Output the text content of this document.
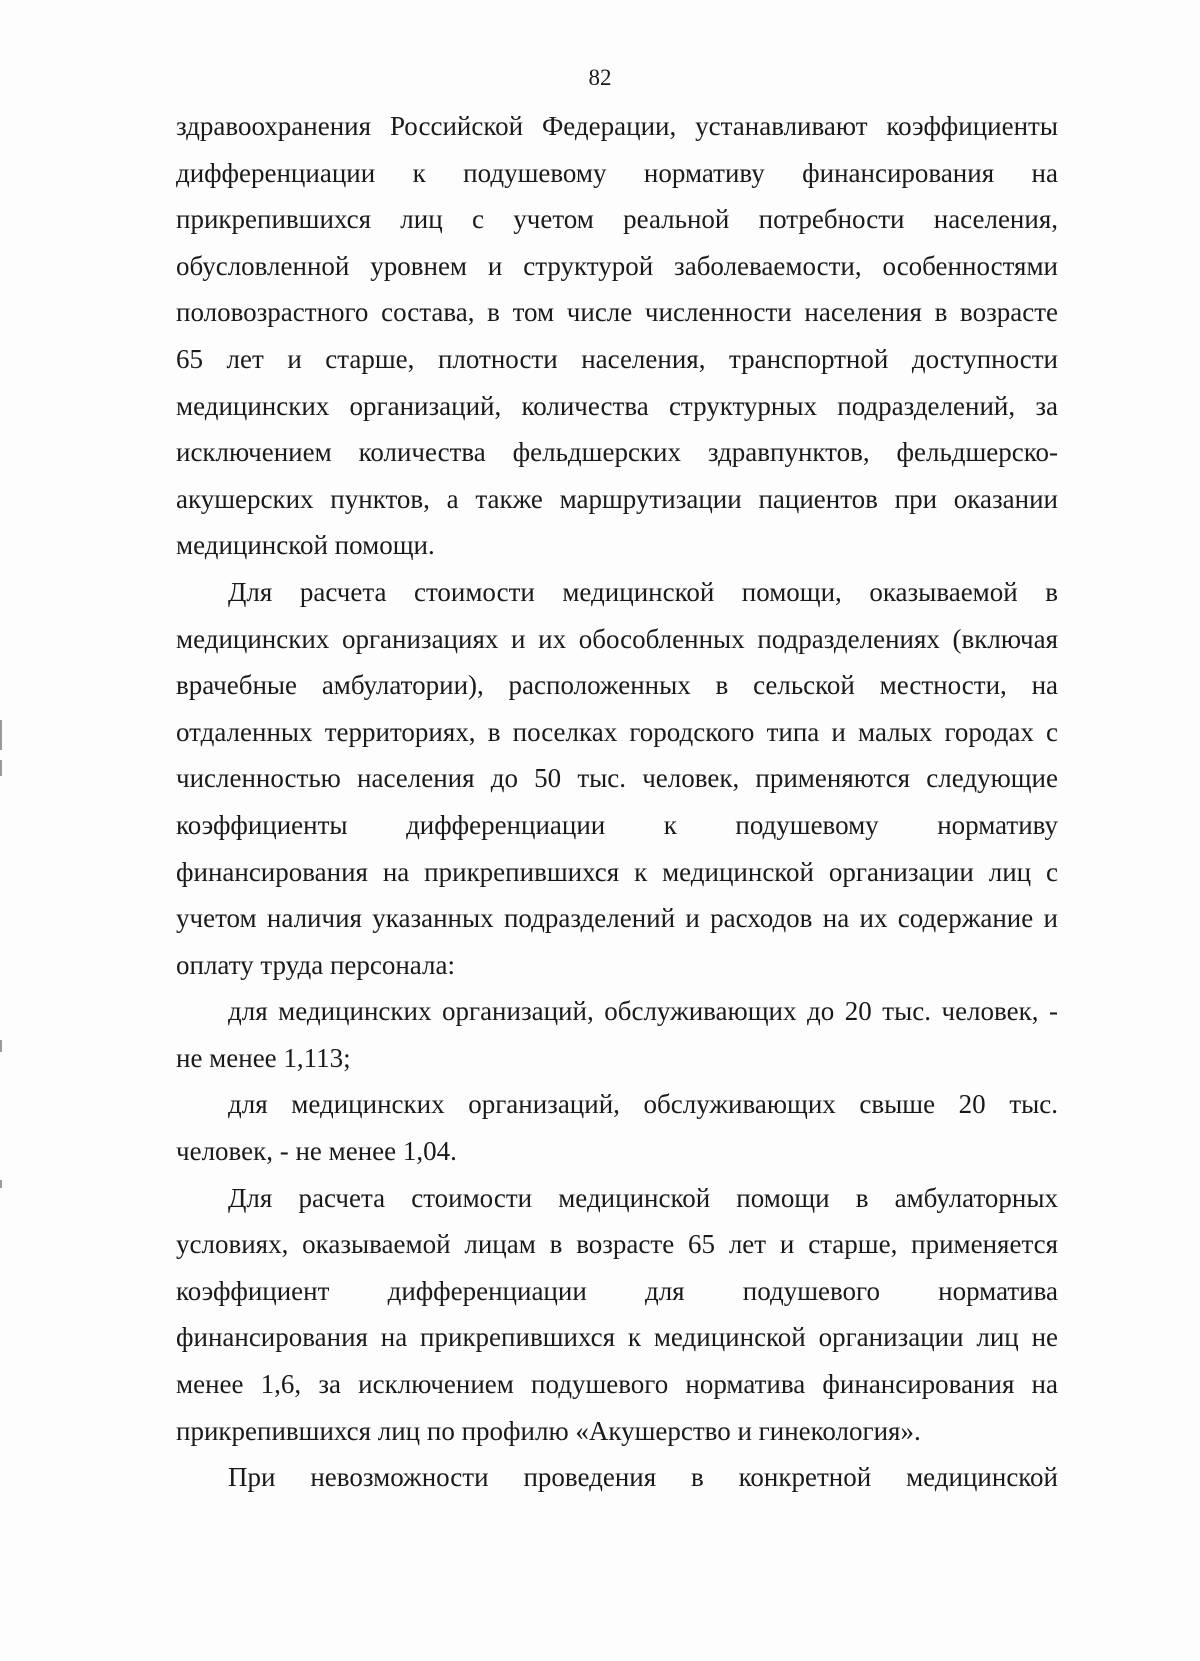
82
здравоохранения Российской Федерации, устанавливают коэффициенты
дифференциации к подушевому нормативу финансирования на
прикрепившихся лиц с учетом реальной потребности населения,
обусловленной уровнем и структурой заболеваемости, особенностями
половозрастного состава, в том числе численности населения в возрасте
65 лет и старше, плотности населения, транспортной доступности
медицинских организаций, количества структурных подразделений, за
исключением количества фельдшерских здравпунктов, фельдшерско-
акушерских пунктов, а также маршрутизации пациентов при оказании
медицинской помощи.
Для расчета стоимости медицинской помощи, оказываемой в
медицинских организациях и их обособленных подразделениях (включая
врачебные амбулатории), расположенных в сельской местности, на
отдаленных территориях, в поселках городского типа и малых городах с
численностью населения до 50 тыс. человек, применяются следующие
коэффициенты дифференциации к подушевому нормативу
финансирования на прикрепившихся к медицинской организации лиц с
учетом наличия указанных подразделений и расходов на их содержание и
оплату труда персонала:
для медицинских организаций, обслуживающих до 20 тыс. человек, -
не менее 1,113;
для медицинских организаций, обслуживающих свыше 20 тыс.
человек, - не менее 1,04.
Для расчета стоимости медицинской помощи в амбулаторных
условиях, оказываемой лицам в возрасте 65 лет и старше, применяется
коэффициент дифференциации для подушевого норматива
финансирования на прикрепившихся к медицинской организации лиц не
менее 1,6, за исключением подушевого норматива финансирования на
прикрепившихся лиц по профилю «Акушерство и гинекология».
При невозможности проведения в конкретной медицинской
